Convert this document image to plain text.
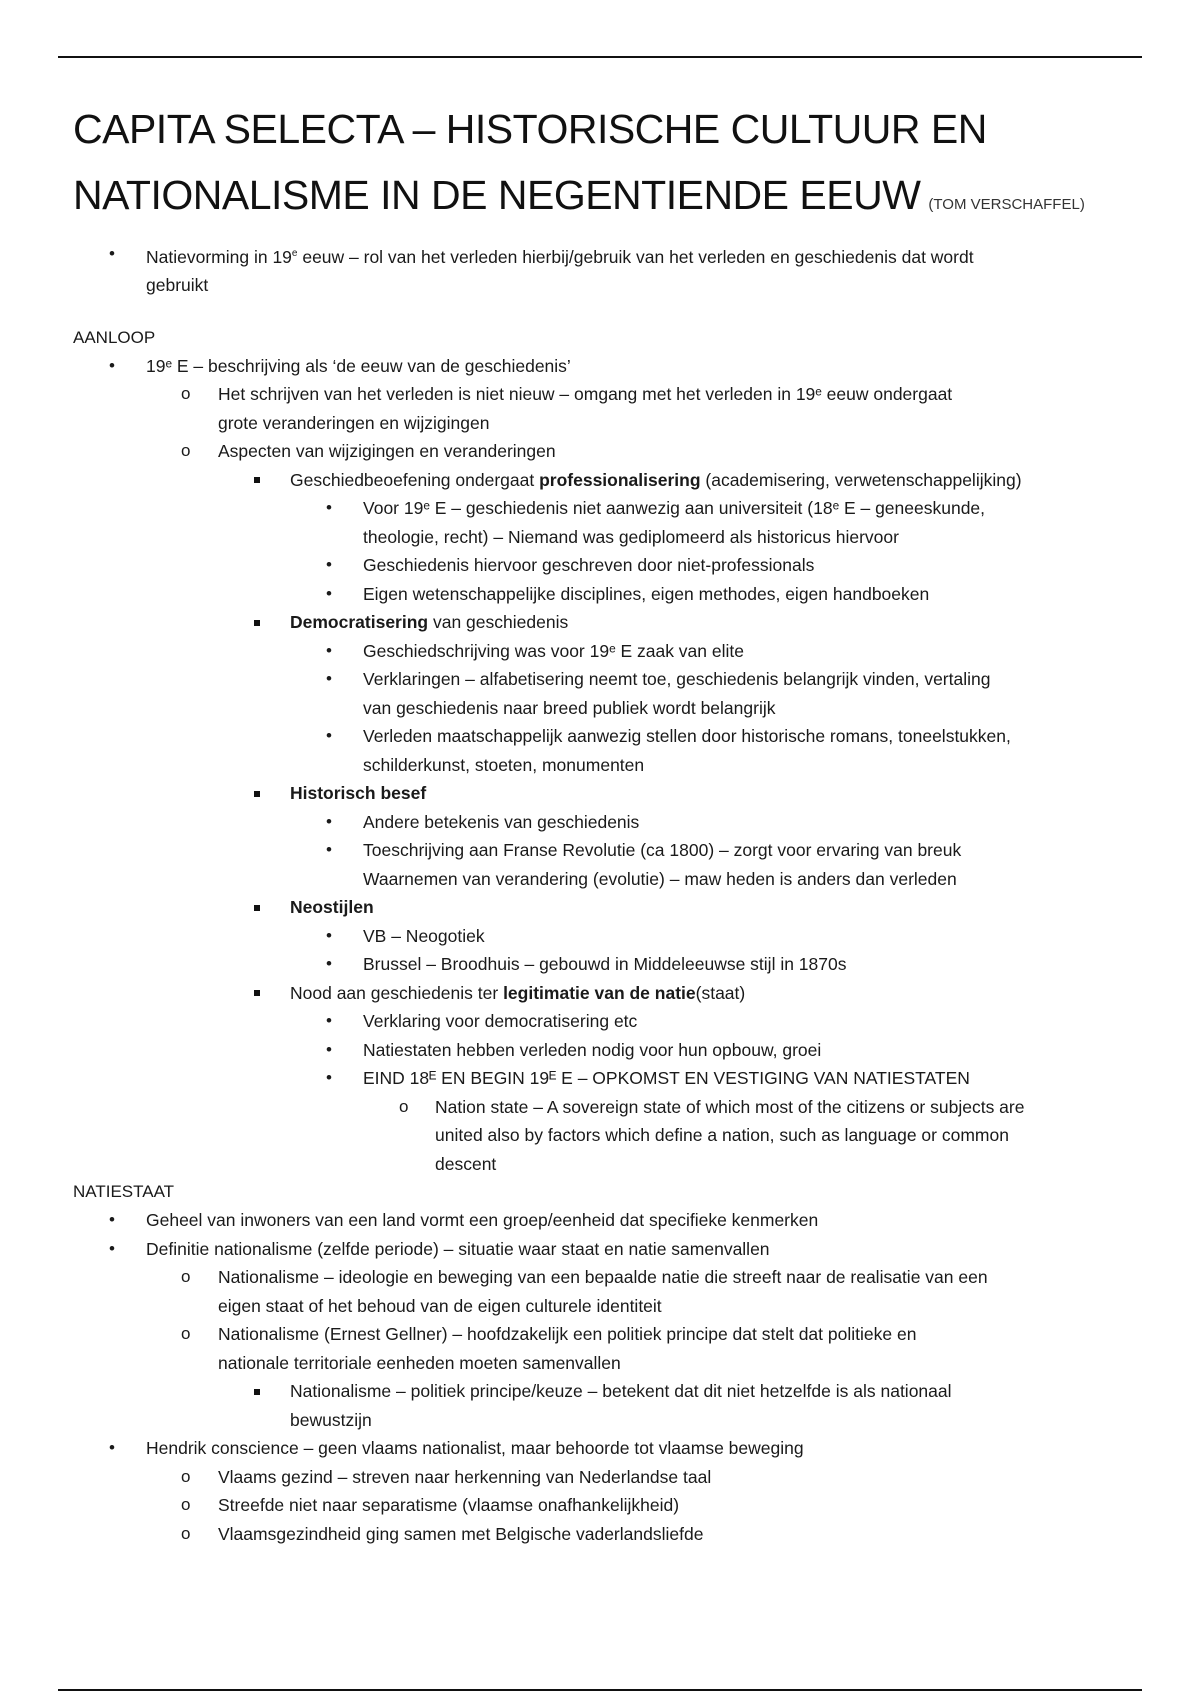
CAPITA SELECTA – HISTORISCHE CULTUUR EN
NATIONALISME IN DE NEGENTIENDE EEUW (TOM VERSCHAFFEL)
• Natievorming in 19e eeuw – rol van het verleden hierbij/gebruik van het verleden en geschiedenis dat wordt
gebruikt
AANLOOP
• 19ᵉ E – beschrijving als ‘de eeuw van de geschiedenis’
o Het schrijven van het verleden is niet nieuw – omgang met het verleden in 19ᵉ eeuw ondergaat
grote veranderingen en wijzigingen
o Aspecten van wijzigingen en veranderingen
Geschiedbeoefening ondergaat professionalisering (academisering, verwetenschappelijking)
• Voor 19ᵉ E – geschiedenis niet aanwezig aan universiteit (18ᵉ E – geneeskunde,
theologie, recht) – Niemand was gediplomeerd als historicus hiervoor
• Geschiedenis hiervoor geschreven door niet-professionals
• Eigen wetenschappelijke disciplines, eigen methodes, eigen handboeken
Democratisering van geschiedenis
• Geschiedschrijving was voor 19ᵉ E zaak van elite
• Verklaringen – alfabetisering neemt toe, geschiedenis belangrijk vinden, vertaling
van geschiedenis naar breed publiek wordt belangrijk
• Verleden maatschappelijk aanwezig stellen door historische romans, toneelstukken,
schilderkunst, stoeten, monumenten
Historisch besef
• Andere betekenis van geschiedenis
• Toeschrijving aan Franse Revolutie (ca 1800) – zorgt voor ervaring van breuk
Waarnemen van verandering (evolutie) – maw heden is anders dan verleden
Neostijlen
• VB – Neogotiek
• Brussel – Broodhuis – gebouwd in Middeleeuwse stijl in 1870s
Nood aan geschiedenis ter legitimatie van de natie(staat)
• Verklaring voor democratisering etc
• Natiestaten hebben verleden nodig voor hun opbouw, groei
• EIND 18ᴱ EN BEGIN 19ᴱ E – OPKOMST EN VESTIGING VAN NATIESTATEN
o Nation state – A sovereign state of which most of the citizens or subjects are
united also by factors which define a nation, such as language or common
descent
NATIESTAAT
• Geheel van inwoners van een land vormt een groep/eenheid dat specifieke kenmerken
• Definitie nationalisme (zelfde periode) – situatie waar staat en natie samenvallen
o Nationalisme – ideologie en beweging van een bepaalde natie die streeft naar de realisatie van een
eigen staat of het behoud van de eigen culturele identiteit
o Nationalisme (Ernest Gellner) – hoofdzakelijk een politiek principe dat stelt dat politieke en
nationale territoriale eenheden moeten samenvallen
Nationalisme – politiek principe/keuze – betekent dat dit niet hetzelfde is als nationaal
bewustzijn
• Hendrik conscience – geen vlaams nationalist, maar behoorde tot vlaamse beweging
o Vlaams gezind – streven naar herkenning van Nederlandse taal
o Streefde niet naar separatisme (vlaamse onafhankelijkheid)
o Vlaamsgezindheid ging samen met Belgische vaderlandsliefde
